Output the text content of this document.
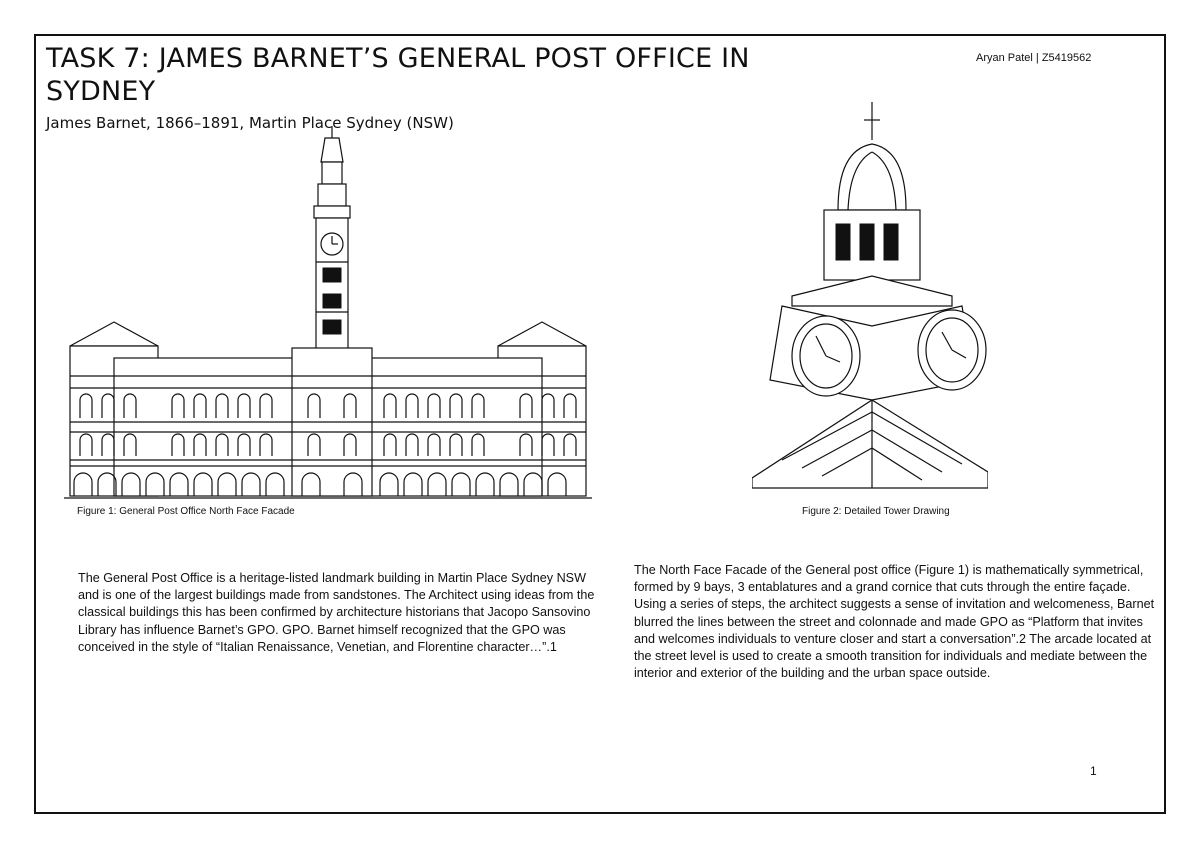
TASK 7: JAMES BARNET’S GENERAL POST OFFICE IN SYDNEY
James Barnet, 1866–1891, Martin Place Sydney (NSW)
Aryan Patel | Z5419562
Figure 1: General Post Office North Face Facade	Figure 2: Detailed Tower Drawing

The General Post Office is a heritage-listed landmark building in Martin Place Sydney NSW and is one of the largest buildings made from sandstones. The Architect using ideas from the classical buildings this has been confirmed by architecture historians that Jacopo Sansovino Library has influence Barnet’s GPO. GPO. Barnet himself recognized that the GPO was conceived in the style of “Italian Renaissance, Venetian, and Florentine character…”.1

The North Face Facade of the General post office (Figure 1) is mathematically symmetrical, formed by 9 bays, 3 entablatures and a grand cornice that cuts through the entire façade. Using a series of steps, the architect suggests a sense of invitation and welcomeness, Barnet blurred the lines between the street and colonnade and made GPO as “Platform that invites and welcomes individuals to venture closer and start a conversation”.2 The arcade located at the street level is used to create a smooth transition for individuals and mediate between the interior and exterior of the building and the urban space outside.

1
